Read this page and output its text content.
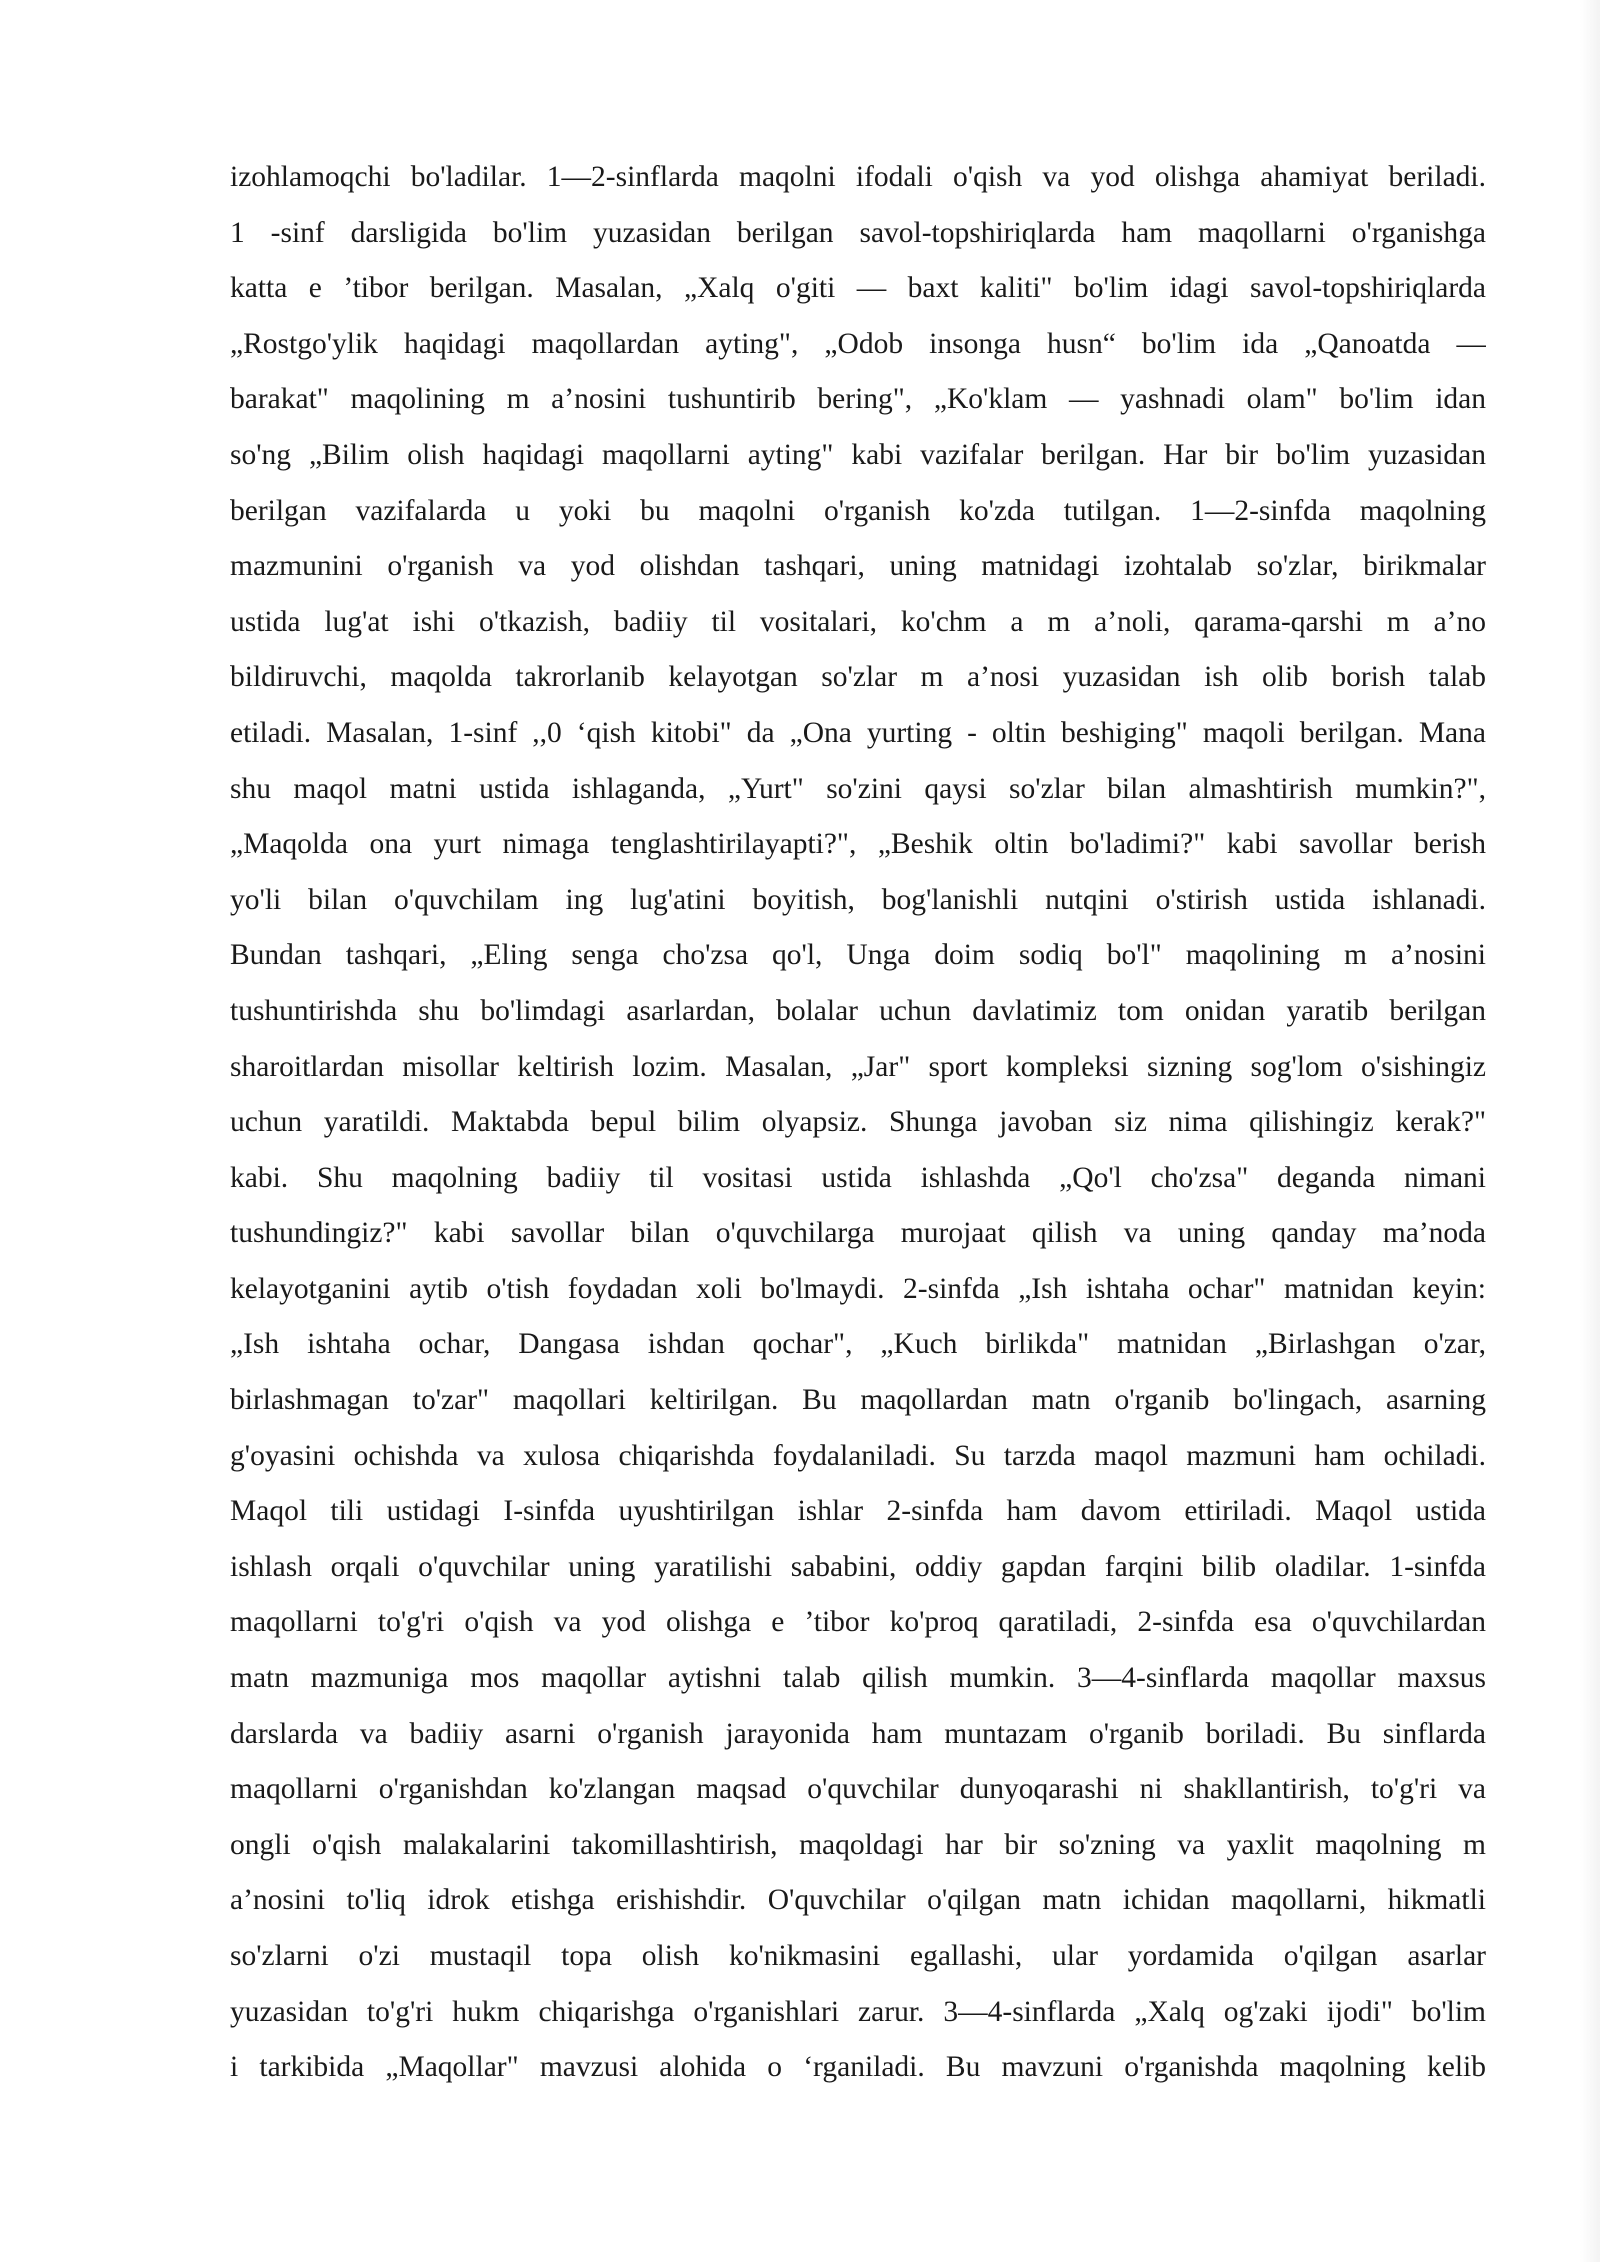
izohlamoqchi bo'ladilar. 1—2-sinflarda maqolni ifodali o'qish va yod olishga ahamiyat beriladi.
1 -sinf darsligida bo'lim yuzasidan berilgan savol-topshiriqlarda ham maqollarni o'rganishga
katta e ’tibor berilgan. Masalan, „Xalq o'giti — baxt kaliti" bo'lim idagi savol-topshiriqlarda
„Rostgo'ylik haqidagi maqollardan ayting", „Odob insonga husn“ bo'lim ida „Qanoatda —
barakat" maqolining m a’nosini tushuntirib bering", „Ko'klam — yashnadi olam" bo'lim idan
so'ng „Bilim olish haqidagi maqollarni ayting" kabi vazifalar berilgan. Har bir bo'lim yuzasidan
berilgan vazifalarda u yoki bu maqolni o'rganish ko'zda tutilgan. 1—2-sinfda maqolning
mazmunini o'rganish va yod olishdan tashqari, uning matnidagi izohtalab so'zlar, birikmalar
ustida lug'at ishi o'tkazish, badiiy til vositalari, ko'chm a m a’noli, qarama-qarshi m a’no
bildiruvchi, maqolda takrorlanib kelayotgan so'zlar m a’nosi yuzasidan ish olib borish talab
etiladi. Masalan, 1-sinf ,,0 ‘qish kitobi" da „Ona yurting - oltin beshiging" maqoli berilgan. Mana
shu maqol matni ustida ishlaganda, „Yurt" so'zini qaysi so'zlar bilan almashtirish mumkin?",
„Maqolda ona yurt nimaga tenglashtirilayapti?", „Beshik oltin bo'ladimi?" kabi savollar berish
yo'li bilan o'quvchilam ing lug'atini boyitish, bog'lanishli nutqini o'stirish ustida ishlanadi.
Bundan tashqari, „Eling senga cho'zsa qo'l, Unga doim sodiq bo'l" maqolining m a’nosini
tushuntirishda shu bo'limdagi asarlardan, bolalar uchun davlatimiz tom onidan yaratib berilgan
sharoitlardan misollar keltirish lozim. Masalan, „Jar" sport kompleksi sizning sog'lom o'sishingiz
uchun yaratildi. Maktabda bepul bilim olyapsiz. Shunga javoban siz nima qilishingiz kerak?"
kabi. Shu maqolning badiiy til vositasi ustida ishlashda „Qo'l cho'zsa" deganda nimani
tushundingiz?" kabi savollar bilan o'quvchilarga murojaat qilish va uning qanday ma’noda
kelayotganini aytib o'tish foydadan xoli bo'lmaydi. 2-sinfda „Ish ishtaha ochar" matnidan keyin:
„Ish ishtaha ochar, Dangasa ishdan qochar", „Kuch birlikda" matnidan „Birlashgan o'zar,
birlashmagan to'zar" maqollari keltirilgan. Bu maqollardan matn o'rganib bo'lingach, asarning
g'oyasini ochishda va xulosa chiqarishda foydalaniladi. Su tarzda maqol mazmuni ham ochiladi.
Maqol tili ustidagi I-sinfda uyushtirilgan ishlar 2-sinfda ham davom ettiriladi. Maqol ustida
ishlash orqali o'quvchilar uning yaratilishi sababini, oddiy gapdan farqini bilib oladilar. 1-sinfda
maqollarni to'g'ri o'qish va yod olishga e ’tibor ko'proq qaratiladi, 2-sinfda esa o'quvchilardan
matn mazmuniga mos maqollar aytishni talab qilish mumkin. 3—4-sinflarda maqollar maxsus
darslarda va badiiy asarni o'rganish jarayonida ham muntazam o'rganib boriladi. Bu sinflarda
maqollarni o'rganishdan ko'zlangan maqsad o'quvchilar dunyoqarashi ni shakllantirish, to'g'ri va
ongli o'qish malakalarini takomillashtirish, maqoldagi har bir so'zning va yaxlit maqolning m
a’nosini to'liq idrok etishga erishishdir. O'quvchilar o'qilgan matn ichidan maqollarni, hikmatli
so'zlarni o'zi mustaqil topa olish ko'nikmasini egallashi, ular yordamida o'qilgan asarlar
yuzasidan to'g'ri hukm chiqarishga o'rganishlari zarur. 3—4-sinflarda „Xalq og'zaki ijodi" bo'lim
i tarkibida „Maqollar" mavzusi alohida o ‘rganiladi. Bu mavzuni o'rganishda maqolning kelib
